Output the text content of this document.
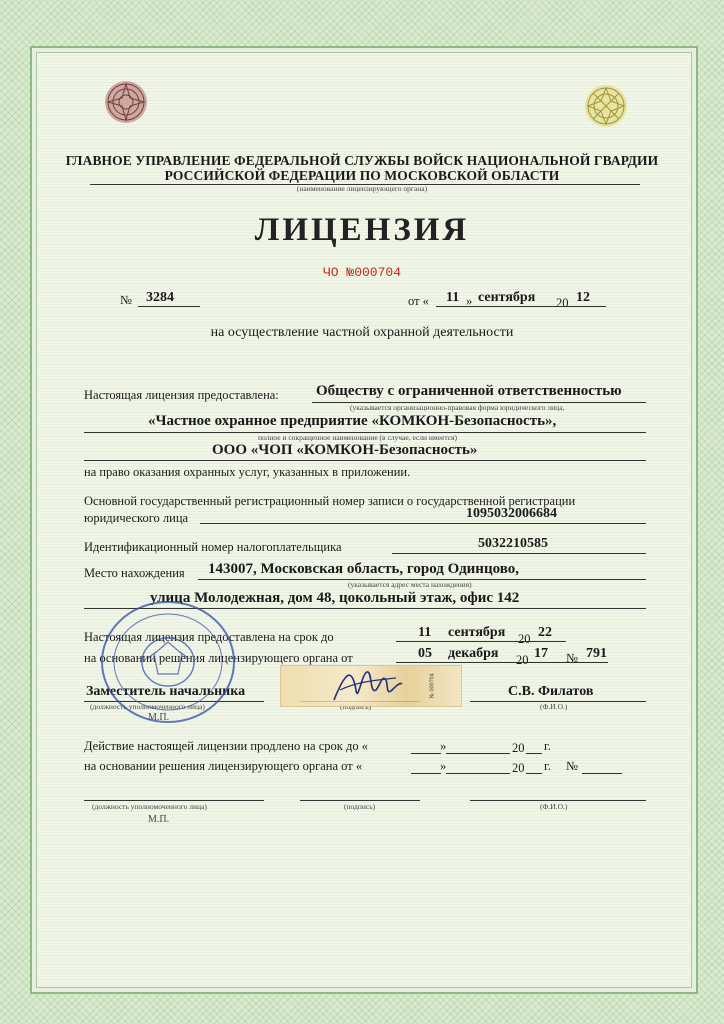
ГЛАВНОЕ УПРАВЛЕНИЕ ФЕДЕРАЛЬНОЙ СЛУЖБЫ ВОЙСК НАЦИОНАЛЬНОЙ ГВАРДИИ
РОССИЙСКОЙ ФЕДЕРАЦИИ ПО МОСКОВСКОЙ ОБЛАСТИ
(наименование лицензирующего органа)
ЛИЦЕНЗИЯ
ЧО №000704
№ 3284	от « 11 » сентября 20 12
на осуществление частной охранной деятельности
Настоящая лицензия предоставлена: Обществу с ограниченной ответственностью
(указывается организационно-правовая форма юридического лица,
«Частное охранное предприятие «КОМКОН-Безопасность»,
полное и сокращенное наименование (в случае, если имеется)
ООО «ЧОП «КОМКОН-Безопасность»
на право оказания охранных услуг, указанных в приложении.
Основной государственный регистрационный номер записи о государственной регистрации
юридического лица	1095032006684
Идентификационный номер налогоплательщика	5032210585
Место нахождения 143007, Московская область, город Одинцово,
(указывается адрес места нахождения)
улица Молодежная, дом 48, цокольный этаж, офис 142
Настоящая лицензия предоставлена на срок до	11 сентября 20 22
на основании решения лицензирующего органа от	05 декабря 20 17 № 791
Заместитель начальника
(должность уполномоченного лица)
С.В. Филатов
(Ф.И.О.)
М.П.
№ 000704
Действие настоящей лицензии продлено на срок до «	»	20 г.
на основании решения лицензирующего органа от «	»	20 г. №
(должность уполномоченного лица)	(подпись)	(Ф.И.О.)
М.П.
